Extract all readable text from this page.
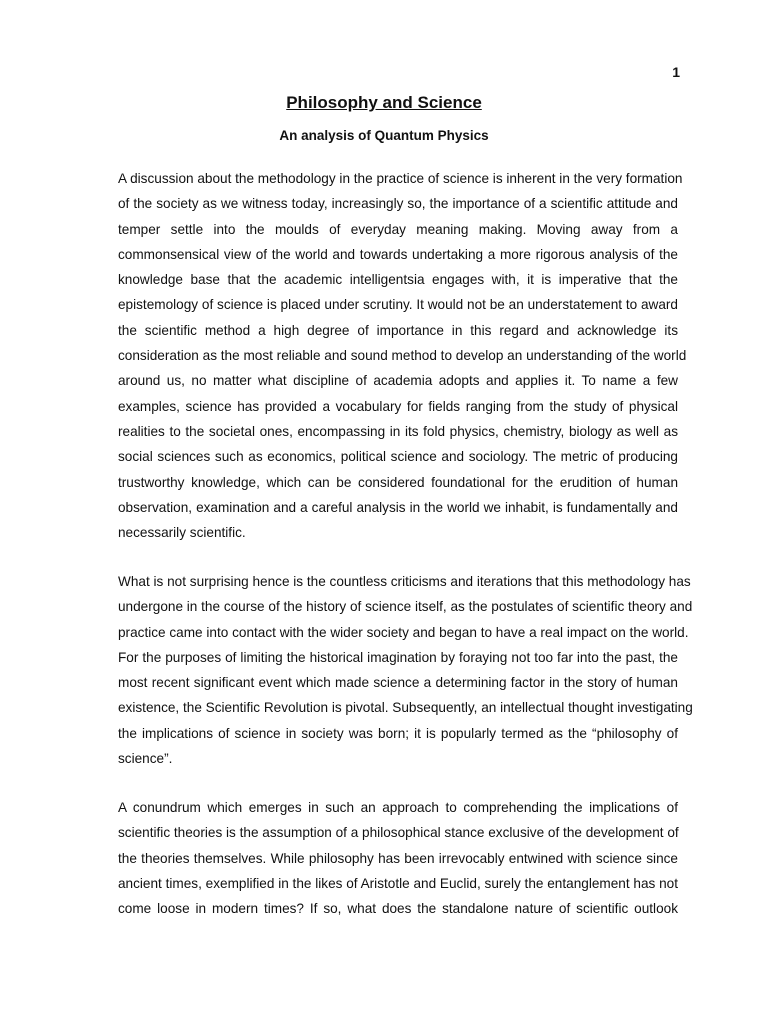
1
Philosophy and Science
An analysis of Quantum Physics
A discussion about the methodology in the practice of science is inherent in the very formation
of the society as we witness today, increasingly so, the importance of a scientific attitude and
temper settle into the moulds of everyday meaning making. Moving away from a
commonsensical view of the world and towards undertaking a more rigorous analysis of the
knowledge base that the academic intelligentsia engages with, it is imperative that the
epistemology of science is placed under scrutiny. It would not be an understatement to award
the scientific method a high degree of importance in this regard and acknowledge its
consideration as the most reliable and sound method to develop an understanding of the world
around us, no matter what discipline of academia adopts and applies it. To name a few
examples, science has provided a vocabulary for fields ranging from the study of physical
realities to the societal ones, encompassing in its fold physics, chemistry, biology as well as
social sciences such as economics, political science and sociology. The metric of producing
trustworthy knowledge, which can be considered foundational for the erudition of human
observation, examination and a careful analysis in the world we inhabit, is fundamentally and
necessarily scientific.
What is not surprising hence is the countless criticisms and iterations that this methodology has
undergone in the course of the history of science itself, as the postulates of scientific theory and
practice came into contact with the wider society and began to have a real impact on the world.
For the purposes of limiting the historical imagination by foraying not too far into the past, the
most recent significant event which made science a determining factor in the story of human
existence, the Scientific Revolution is pivotal. Subsequently, an intellectual thought investigating
the implications of science in society was born; it is popularly termed as the “philosophy of
science”.
A conundrum which emerges in such an approach to comprehending the implications of
scientific theories is the assumption of a philosophical stance exclusive of the development of
the theories themselves. While philosophy has been irrevocably entwined with science since
ancient times, exemplified in the likes of Aristotle and Euclid, surely the entanglement has not
come loose in modern times? If so, what does the standalone nature of scientific outlook
